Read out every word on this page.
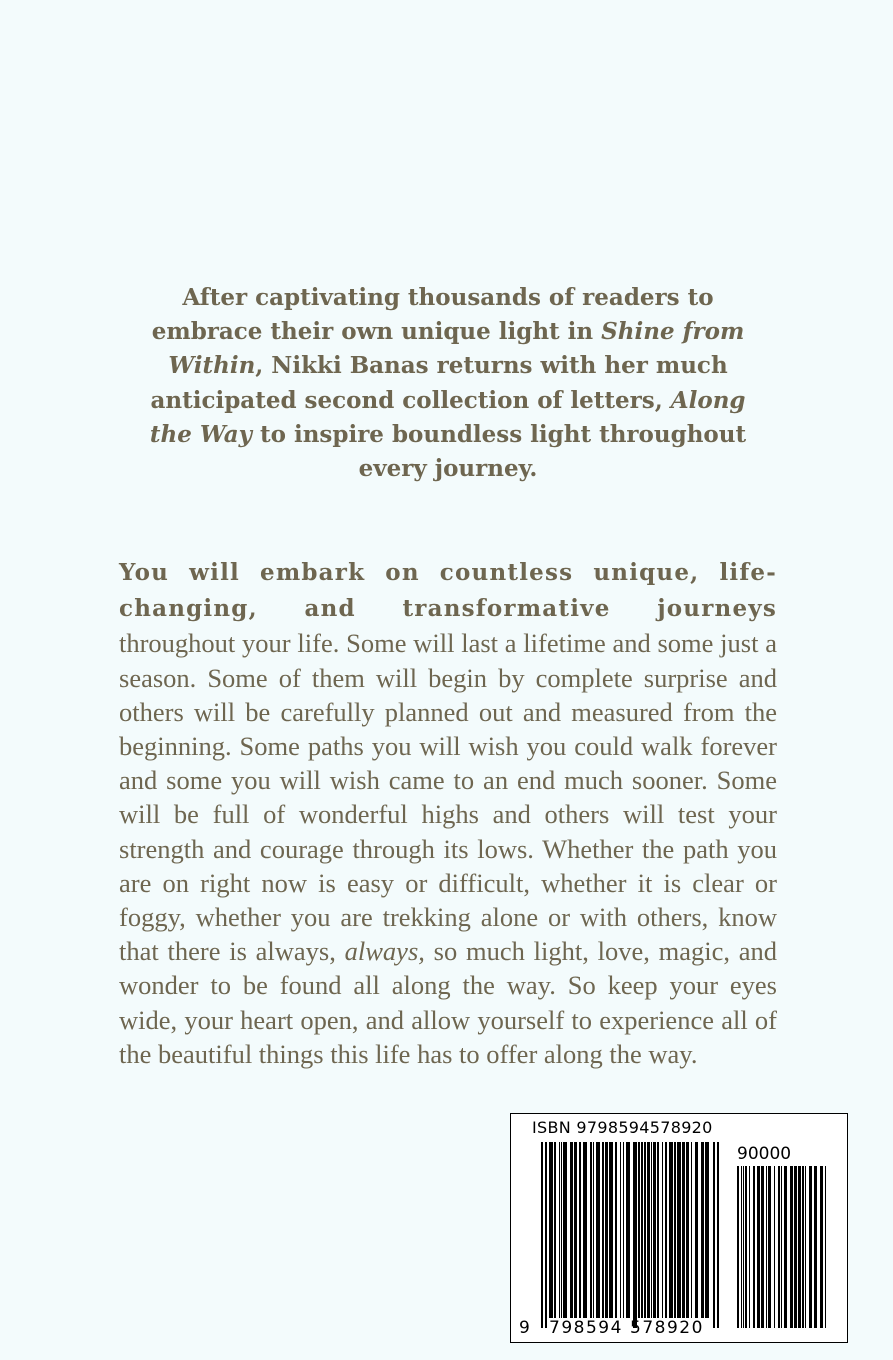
After captivating thousands of readers to embrace their own unique light in Shine from Within, Nikki Banas returns with her much anticipated second collection of letters, Along the Way to inspire boundless light throughout every journey.

You will embark on countless unique, life-changing, and transformative journeys throughout your life. Some will last a lifetime and some just a season. Some of them will begin by complete surprise and others will be carefully planned out and measured from the beginning. Some paths you will wish you could walk forever and some you will wish came to an end much sooner. Some will be full of wonderful highs and others will test your strength and courage through its lows. Whether the path you are on right now is easy or difficult, whether it is clear or foggy, whether you are trekking alone or with others, know that there is always, always, so much light, love, magic, and wonder to be found all along the way. So keep your eyes wide, your heart open, and allow yourself to experience all of the beautiful things this life has to offer along the way.

ISBN 9798594578920
90000
9 798594 578920
